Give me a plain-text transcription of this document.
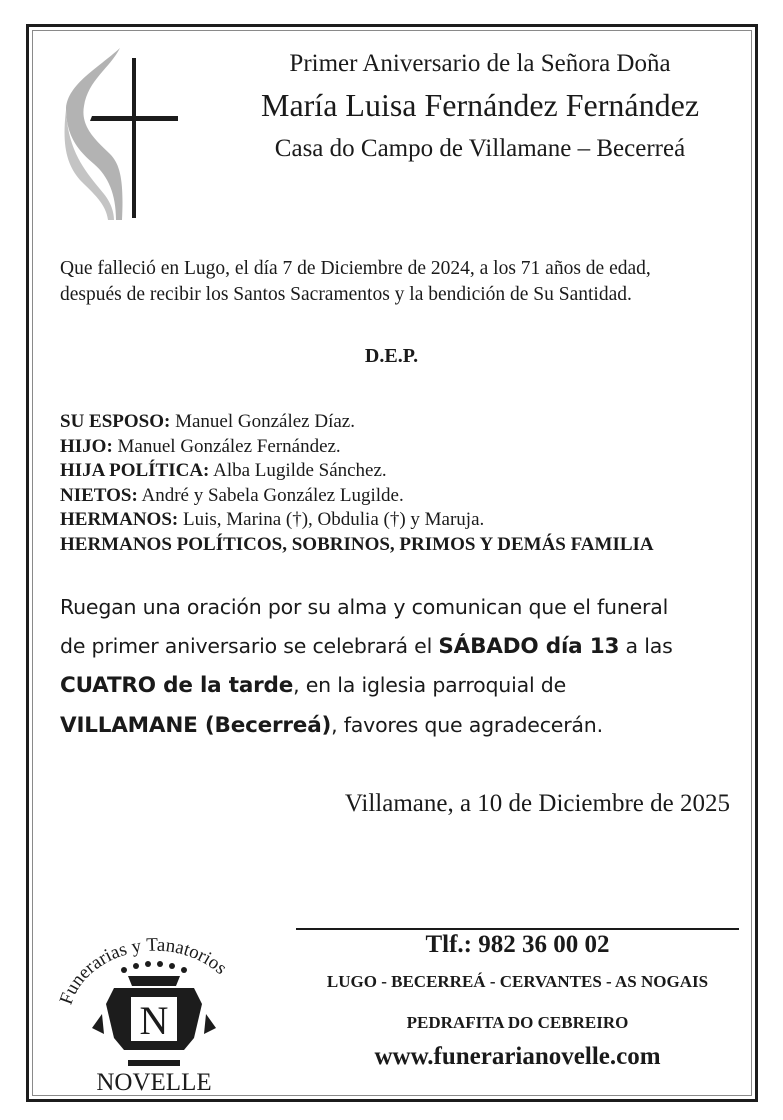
Primer Aniversario de la Señora Doña
María Luisa Fernández Fernández
Casa do Campo de Villamane – Becerreá
Que falleció en Lugo, el día 7 de Diciembre de 2024, a los 71 años de edad,
después de recibir los Santos Sacramentos y la bendición de Su Santidad.
D.E.P.
SU ESPOSO: Manuel González Díaz.
HIJO: Manuel González Fernández.
HIJA POLÍTICA: Alba Lugilde Sánchez.
NIETOS: André y Sabela González Lugilde.
HERMANOS: Luis, Marina (†), Obdulia (†) y Maruja.
HERMANOS POLÍTICOS, SOBRINOS, PRIMOS Y DEMÁS FAMILIA
Ruegan una oración por su alma y comunican que el funeral
de primer aniversario se celebrará el SÁBADO día 13 a las
CUATRO de la tarde, en la iglesia parroquial de
VILLAMANE (Becerreá), favores que agradecerán.
Villamane, a 10 de Diciembre de 2025
Funerarias y Tanatorios
N
NOVELLE
Tlf.: 982 36 00 02
LUGO - BECERREÁ - CERVANTES - AS NOGAIS
PEDRAFITA DO CEBREIRO
www.funerarianovelle.com
